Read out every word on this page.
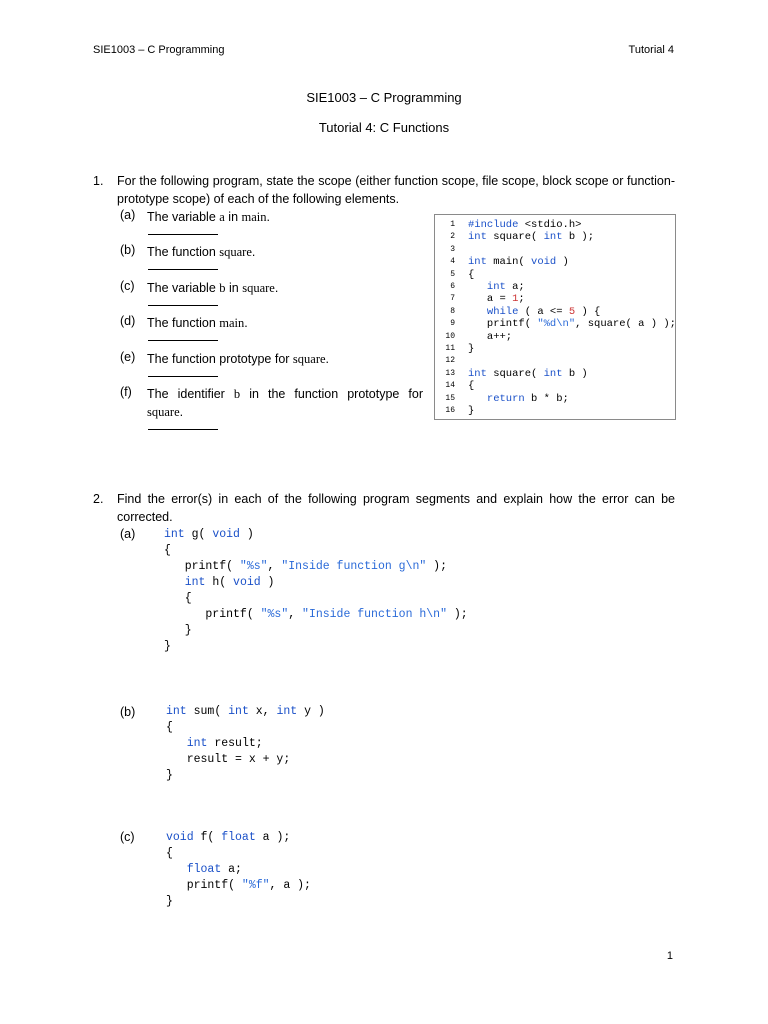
SIE1003 – C Programming	Tutorial 4
SIE1003 – C Programming
Tutorial 4: C Functions
1. For the following program, state the scope (either function scope, file scope, block scope or function-prototype scope) of each of the following elements.
(a) The variable a in main.
(b) The function square.
(c) The variable b in square.
(d) The function main.
(e) The function prototype for square.
(f) The identifier b in the function prototype for square.
1 #include <stdio.h>
2 int square( int b );
3
4 int main( void )
5 {
6	int a;
7 a = 1;
8	while ( a <= 5 ) {
9 printf( "%d\n", square( a ) );
10 a++;
11 }
12
13 int square( int b )
14 {
15	return b * b;
16 }
2. Find the error(s) in each of the following program segments and explain how the error can be corrected.
(a) int g( void )
{
printf( "%s", "Inside function g\n" );
int h( void )
{
printf( "%s", "Inside function h\n" );
}
}
(b)	int sum( int x, int y )
{
int result;
result = x + y;
}
(c)	void f( float a );
{
float a;
printf( "%f", a );
}
1
